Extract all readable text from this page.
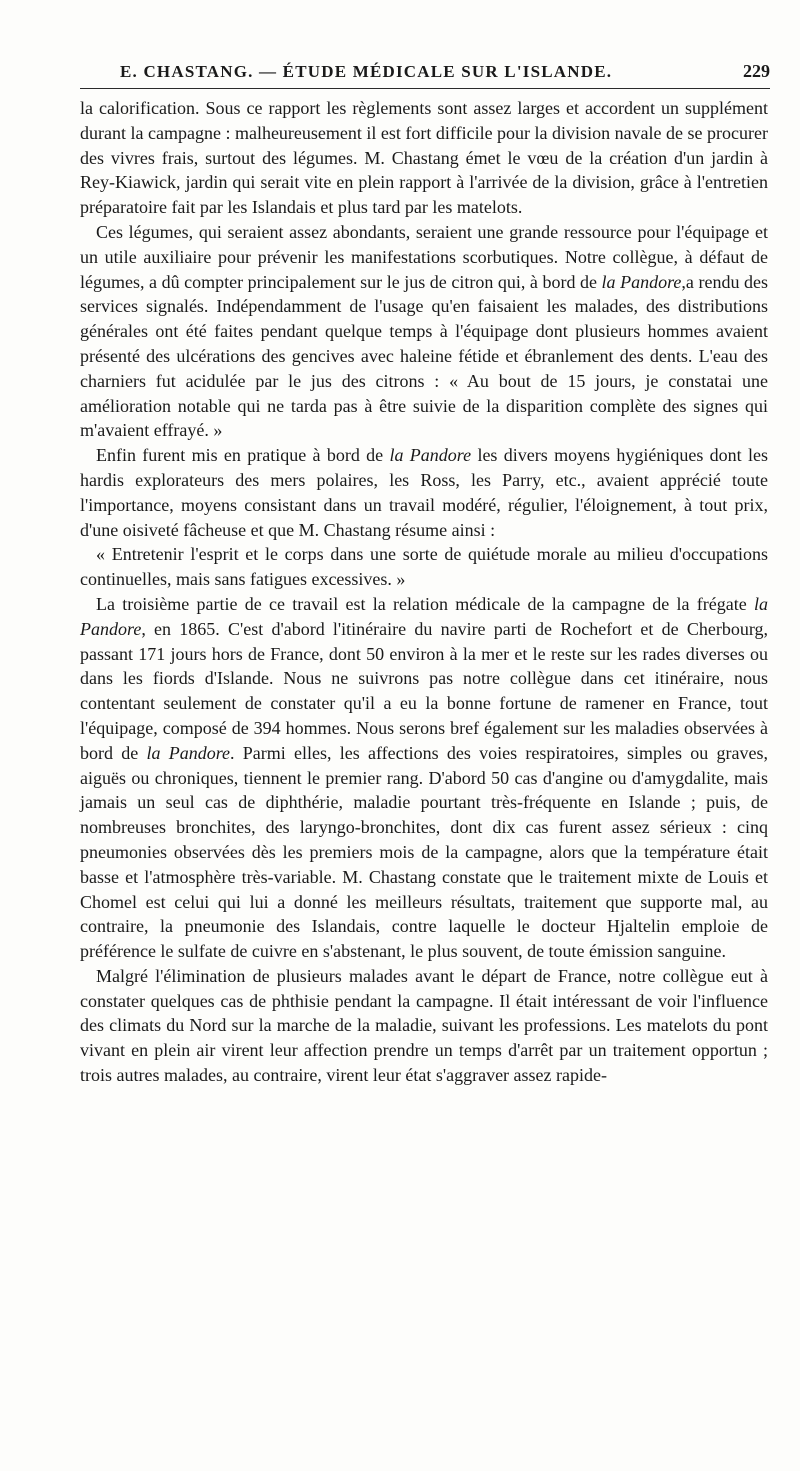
E. CHASTANG. — ÉTUDE MÉDICALE SUR L'ISLANDE.	229

la calorification. Sous ce rapport les règlements sont assez larges et accordent un supplément durant la campagne : malheureusement il est fort difficile pour la division navale de se procurer des vivres frais, surtout des légumes. M. Chastang émet le vœu de la création d'un jardin à Rey-Kiawick, jardin qui serait vite en plein rapport à l'arrivée de la division, grâce à l'entretien préparatoire fait par les Islandais et plus tard par les matelots.

Ces légumes, qui seraient assez abondants, seraient une grande ressource pour l'équipage et un utile auxiliaire pour prévenir les manifestations scorbutiques. Notre collègue, à défaut de légumes, a dû compter principalement sur le jus de citron qui, à bord de la Pandore,a rendu des services signalés. Indépendamment de l'usage qu'en faisaient les malades, des distributions générales ont été faites pendant quelque temps à l'équipage dont plusieurs hommes avaient présenté des ulcérations des gencives avec haleine fétide et ébranlement des dents. L'eau des charniers fut acidulée par le jus des citrons : « Au bout de 15 jours, je constatai une amélioration notable qui ne tarda pas à être suivie de la disparition complète des signes qui m'avaient effrayé. »

Enfin furent mis en pratique à bord de la Pandore les divers moyens hygiéniques dont les hardis explorateurs des mers polaires, les Ross, les Parry, etc., avaient apprécié toute l'importance, moyens consistant dans un travail modéré, régulier, l'éloignement, à tout prix, d'une oisiveté fâcheuse et que M. Chastang résume ainsi :

« Entretenir l'esprit et le corps dans une sorte de quiétude morale au milieu d'occupations continuelles, mais sans fatigues excessives. »

La troisième partie de ce travail est la relation médicale de la campagne de la frégate la Pandore, en 1865. C'est d'abord l'itinéraire du navire parti de Rochefort et de Cherbourg, passant 171 jours hors de France, dont 50 environ à la mer et le reste sur les rades diverses ou dans les fiords d'Islande. Nous ne suivrons pas notre collègue dans cet itinéraire, nous contentant seulement de constater qu'il a eu la bonne fortune de ramener en France, tout l'équipage, composé de 394 hommes. Nous serons bref également sur les maladies observées à bord de la Pandore. Parmi elles, les affections des voies respiratoires, simples ou graves, aiguës ou chroniques, tiennent le premier rang. D'abord 50 cas d'angine ou d'amygdalite, mais jamais un seul cas de diphthérie, maladie pourtant très-fréquente en Islande ; puis, de nombreuses bronchites, des laryngo-bronchites, dont dix cas furent assez sérieux : cinq pneumonies observées dès les premiers mois de la campagne, alors que la température était basse et l'atmosphère très-variable. M. Chastang constate que le traitement mixte de Louis et Chomel est celui qui lui a donné les meilleurs résultats, traitement que supporte mal, au contraire, la pneumonie des Islandais, contre laquelle le docteur Hjaltelin emploie de préférence le sulfate de cuivre en s'abstenant, le plus souvent, de toute émission sanguine.

Malgré l'élimination de plusieurs malades avant le départ de France, notre collègue eut à constater quelques cas de phthisie pendant la campagne. Il était intéressant de voir l'influence des climats du Nord sur la marche de la maladie, suivant les professions. Les matelots du pont vivant en plein air virent leur affection prendre un temps d'arrêt par un traitement opportun ; trois autres malades, au contraire, virent leur état s'aggraver assez rapide-
